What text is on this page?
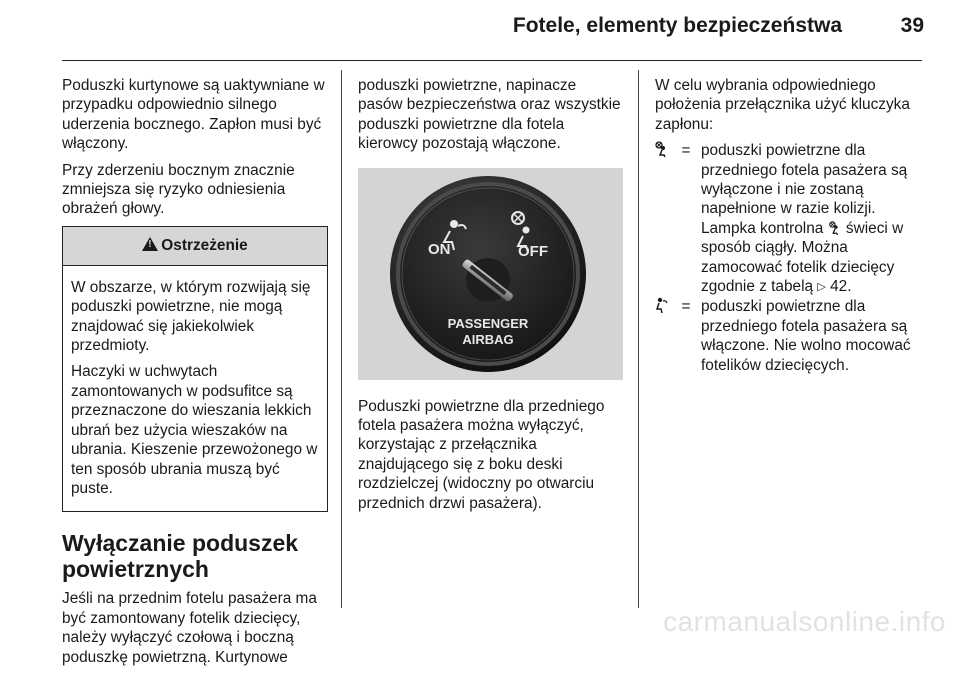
Fotele, elementy bezpieczeństwa	39

Poduszki kurtynowe są uaktywniane w przypadku odpowiednio silnego uderzenia bocznego. Zapłon musi być włączony.

Przy zderzeniu bocznym znacznie zmniejsza się ryzyko odniesienia obrażeń głowy.

!Ostrzeżenie

W obszarze, w którym rozwijają się poduszki powietrzne, nie mogą znajdować się jakiekolwiek przedmioty.

Haczyki w uchwytach zamontowanych w podsufitce są przeznaczone do wieszania lekkich ubrań bez użycia wieszaków na ubrania. Kieszenie przewożonego w ten sposób ubrania muszą być puste.

Wyłączanie poduszek powietrznych

Jeśli na przednim fotelu pasażera ma być zamontowany fotelik dziecięcy, należy wyłączyć czołową i boczną poduszkę powietrzną. Kurtynowe

poduszki powietrzne, napinacze pasów bezpieczeństwa oraz wszystkie poduszki powietrzne dla fotela kierowcy pozostają włączone.

ON	OFF
PASSENGER
AIRBAG

Poduszki powietrzne dla przedniego fotela pasażera można wyłączyć, korzystając z przełącznika znajdującego się z boku deski rozdzielczej (widoczny po otwarciu przednich drzwi pasażera).

W celu wybrania odpowiedniego położenia przełącznika użyć kluczyka zapłonu:

= poduszki powietrzne dla przedniego fotela pasażera są wyłączone i nie zostaną napełnione w razie kolizji. Lampka kontrolna świeci w sposób ciągły. Można zamocować fotelik dziecięcy zgodnie z tabelą ▷ 42.
= poduszki powietrzne dla przedniego fotela pasażera są włączone. Nie wolno mocować fotelików dziecięcych.
carmanualsonline.info
